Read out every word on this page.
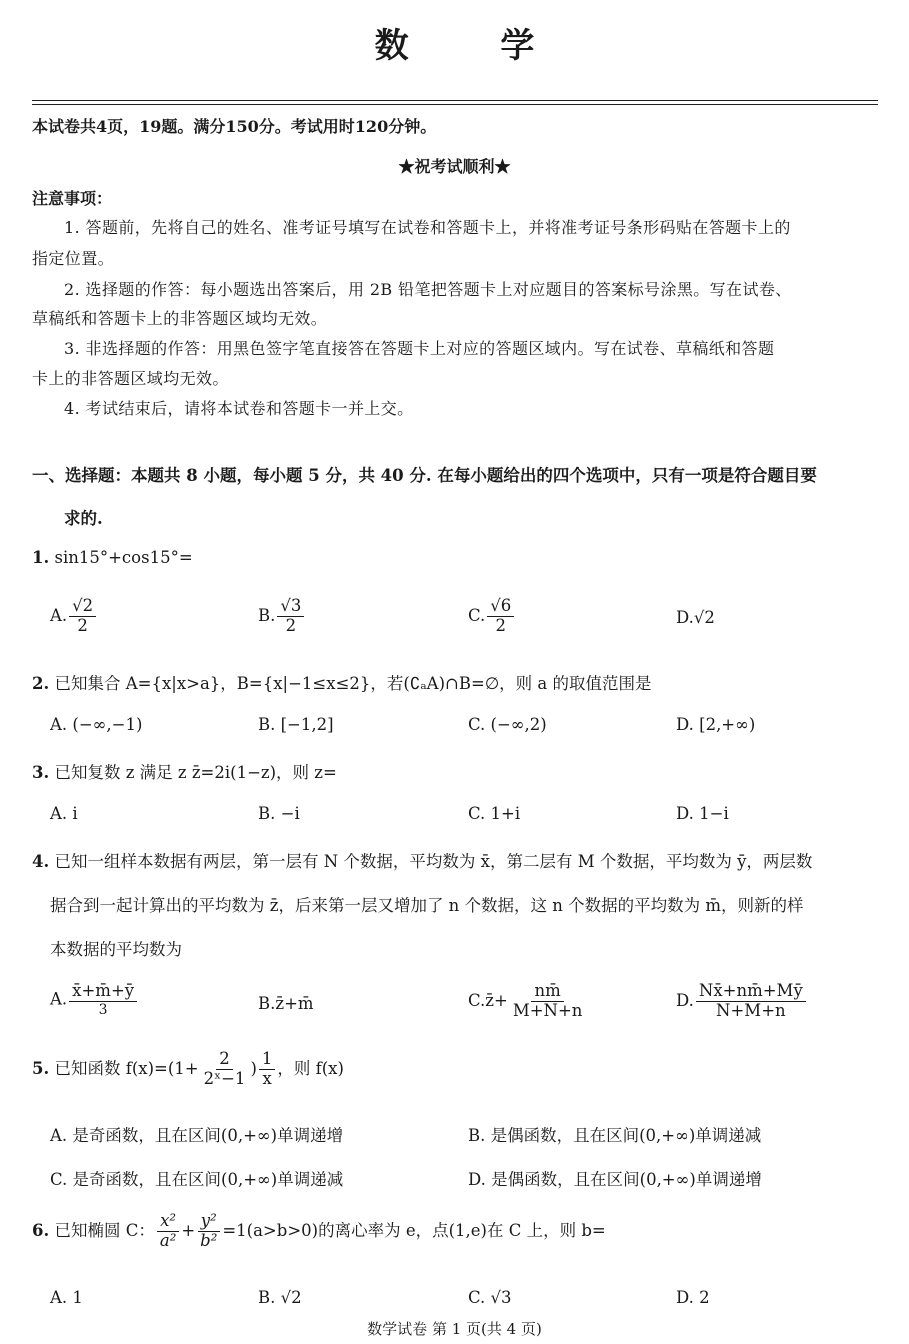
数 学
本试卷共4页，19题。满分150分。考试用时120分钟。
★祝考试顺利★
注意事项：
1. 答题前，先将自己的姓名、准考证号填写在试卷和答题卡上，并将准考证号条形码贴在答题卡上的
指定位置。
2. 选择题的作答：每小题选出答案后，用 2B 铅笔把答题卡上对应题目的答案标号涂黑。写在试卷、
草稿纸和答题卡上的非答题区域均无效。
3. 非选择题的作答：用黑色签字笔直接答在答题卡上对应的答题区域内。写在试卷、草稿纸和答题
卡上的非答题区域均无效。
4. 考试结束后，请将本试卷和答题卡一并上交。
一、选择题：本题共 8 小题，每小题 5 分，共 40 分. 在每小题给出的四个选项中，只有一项是符合题目要
求的.
1. sin15°+cos15°=
A. $\frac{√2}{2}$	B. $\frac{√3}{2}$	C. $\frac{√6}{2}$	D.√2
2. 已知集合 A={x|x>a}，B={x|−1≤x≤2}，若(∁ₐA)∩B=∅，则 a 的取值范围是
A. (−∞,−1)	B. [−1,2]	C. (−∞,2)	D. [2,+∞)
3. 已知复数 z 满足 z z̄=2i(1−z)，则 z=
A. i	B. −i	C. 1+i	D. 1−i
4. 已知一组样本数据有两层，第一层有 N 个数据，平均数为 x̄，第二层有 M 个数据，平均数为 ȳ，两层数
据合到一起计算出的平均数为 z̄，后来第一层又增加了 n 个数据，这 n 个数据的平均数为 m̄，则新的样
本数据的平均数为
A. $\frac{x̄+m̄+ȳ}{3}$	B.z̄+m̄	C.z̄+ $\frac{nm̄}{M+N+n}$	D. $\frac{Nx̄+nm̄+Mȳ}{N+M+n}$
5. 已知函数 $f(x)=(1+ \frac{2}{\text{2ˣ−1}}$ ) $\frac{1}{x}$ ，则 f(x)
A. 是奇函数，且在区间(0,+∞)单调递增	B. 是偶函数，且在区间(0,+∞)单调递减
C. 是奇函数，且在区间(0,+∞)单调递减	D. 是偶函数，且在区间(0,+∞)单调递增
6. 已知椭圆 C： $\frac{\text{x²}}{\text{a²}} + \frac{\text{y²}}{\text{b²}} =1(a>b>0)$的离心率为 e，点(1,e)在 C 上，则 b=
A. 1	B. √2	C. √3	D. 2
数学试卷 第 1 页(共 4 页)
